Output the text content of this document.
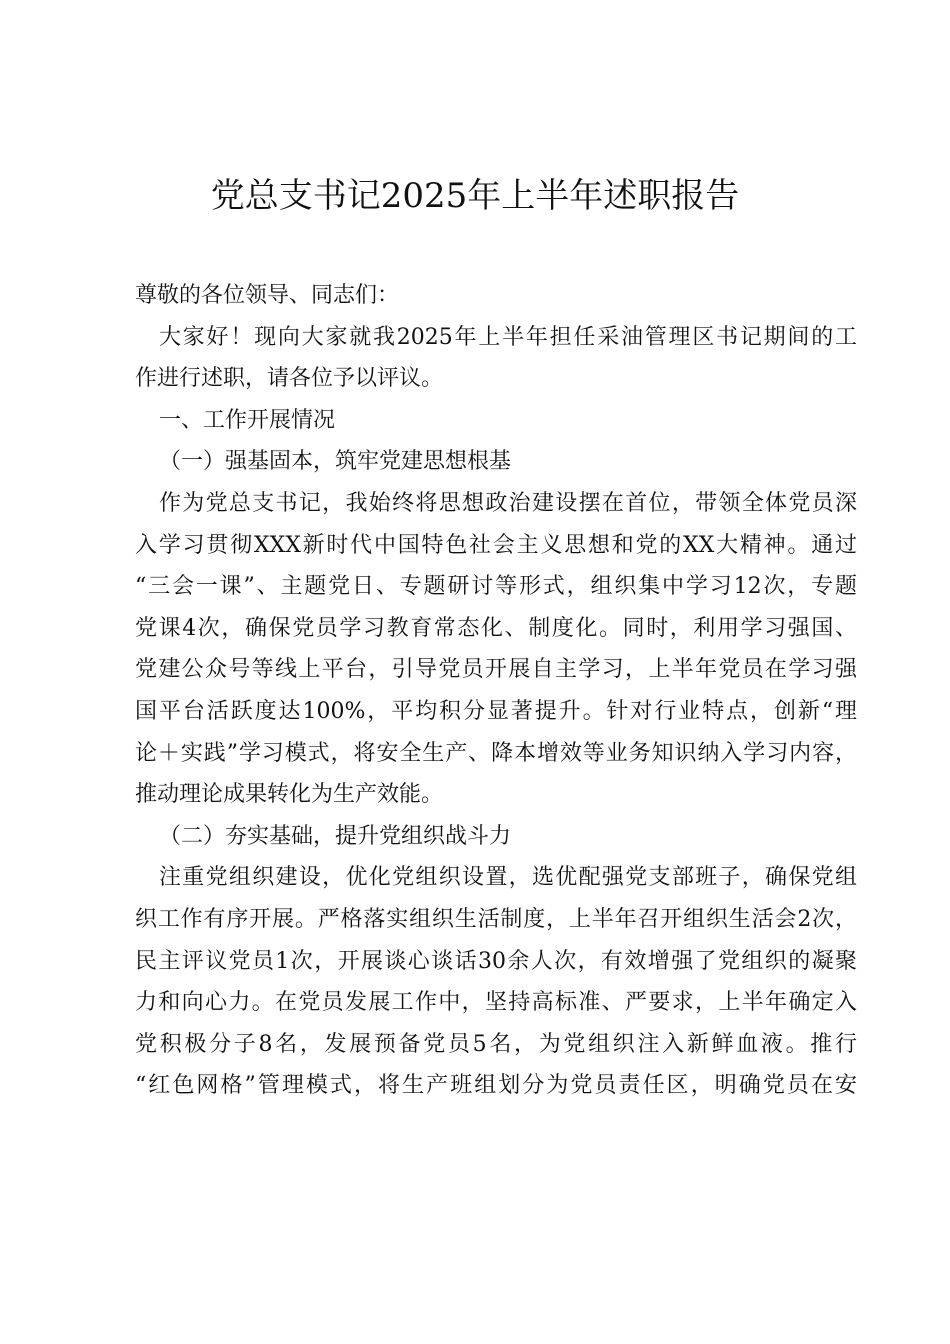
党总支书记2025年上半年述职报告
尊敬的各位领导、同志们：
大家好！现向大家就我2025年上半年担任采油管理区书记期间的工
作进行述职，请各位予以评议。
一、工作开展情况
（一）强基固本，筑牢党建思想根基
作为党总支书记，我始终将思想政治建设摆在首位，带领全体党员深
入学习贯彻XXX新时代中国特色社会主义思想和党的XX大精神。通过
“三会一课”、主题党日、专题研讨等形式，组织集中学习12次，专题
党课4次，确保党员学习教育常态化、制度化。同时，利用学习强国、
党建公众号等线上平台，引导党员开展自主学习，上半年党员在学习强
国平台活跃度达100%，平均积分显著提升。针对行业特点，创新“理
论＋实践”学习模式，将安全生产、降本增效等业务知识纳入学习内容，
推动理论成果转化为生产效能。
（二）夯实基础，提升党组织战斗力
注重党组织建设，优化党组织设置，选优配强党支部班子，确保党组
织工作有序开展。严格落实组织生活制度，上半年召开组织生活会2次，
民主评议党员1次，开展谈心谈话30余人次，有效增强了党组织的凝聚
力和向心力。在党员发展工作中，坚持高标准、严要求，上半年确定入
党积极分子8名，发展预备党员5名，为党组织注入新鲜血液。推行
“红色网格”管理模式，将生产班组划分为党员责任区，明确党员在安
